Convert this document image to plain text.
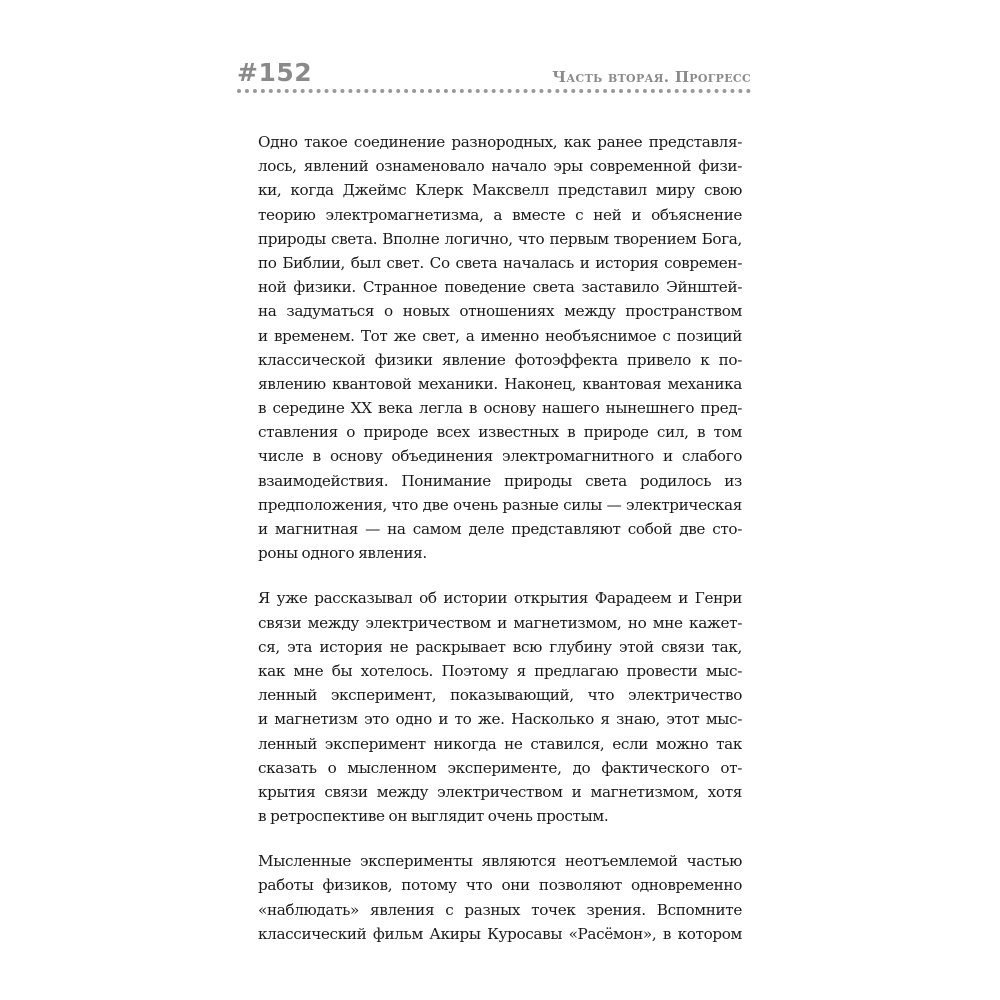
#152	Часть вторая. Прогресс
Одно такое соединение разнородных, как ранее представля-
лось, явлений ознаменовало начало эры современной физи-
ки, когда Джеймс Клерк Максвелл представил миру свою
теорию электромагнетизма, а вместе с ней и объяснение
природы света. Вполне логично, что первым творением Бога,
по Библии, был свет. Со света началась и история современ-
ной физики. Странное поведение света заставило Эйнштей-
на задуматься о новых отношениях между пространством
и временем. Тот же свет, а именно необъяснимое с позиций
классической физики явление фотоэффекта привело к по-
явлению квантовой механики. Наконец, квантовая механика
в середине XX века легла в основу нашего нынешнего пред-
ставления о природе всех известных в природе сил, в том
числе в основу объединения электромагнитного и слабого
взаимодействия. Понимание природы света родилось из
предположения, что две очень разные силы — электрическая
и магнитная — на самом деле представляют собой две сто-
роны одного явления.
Я уже рассказывал об истории открытия Фарадеем и Генри
связи между электричеством и магнетизмом, но мне кажет-
ся, эта история не раскрывает всю глубину этой связи так,
как мне бы хотелось. Поэтому я предлагаю провести мыс-
ленный эксперимент, показывающий, что электричество
и магнетизм это одно и то же. Насколько я знаю, этот мыс-
ленный эксперимент никогда не ставился, если можно так
сказать о мысленном эксперименте, до фактического от-
крытия связи между электричеством и магнетизмом, хотя
в ретроспективе он выглядит очень простым.
Мысленные эксперименты являются неотъемлемой частью
работы физиков, потому что они позволяют одновременно
«наблюдать» явления с разных точек зрения. Вспомните
классический фильм Акиры Куросавы «Расёмон», в котором
